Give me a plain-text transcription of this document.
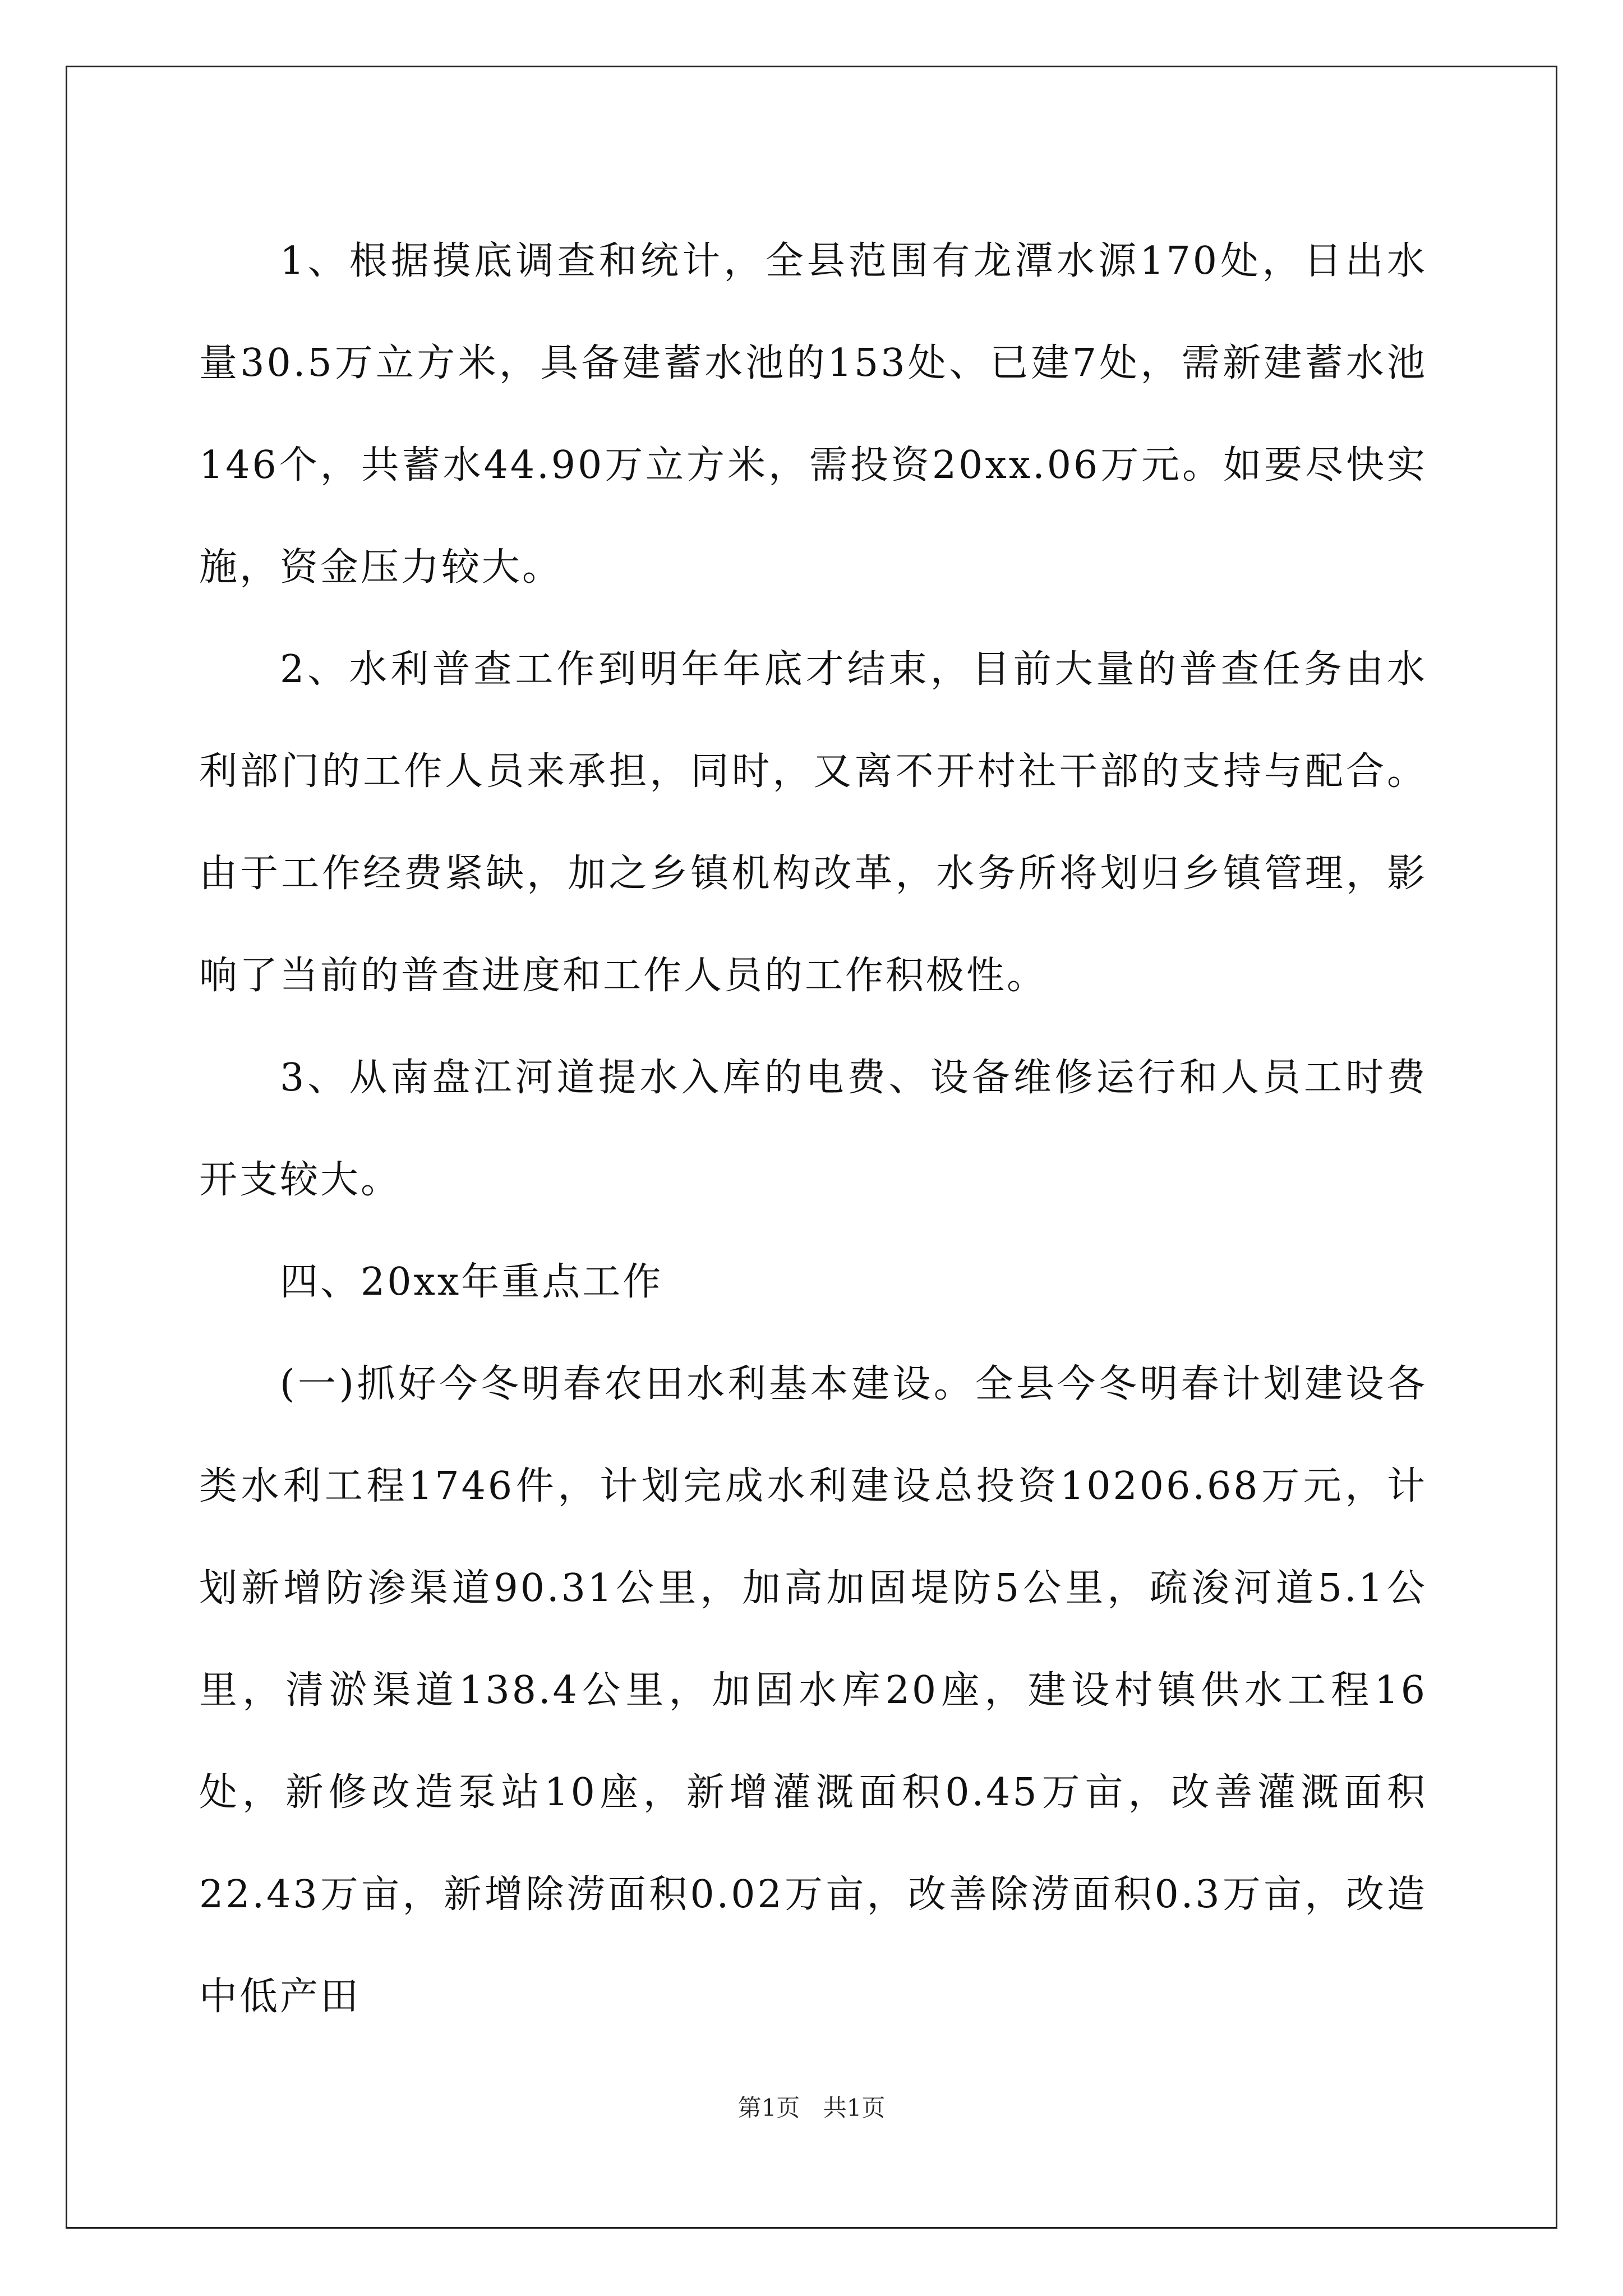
1、根据摸底调查和统计，全县范围有龙潭水源170处，日出水量30.5万立方米，具备建蓄水池的153处、已建7处，需新建蓄水池146个，共蓄水44.90万立方米，需投资20xx.06万元。如要尽快实施，资金压力较大。

2、水利普查工作到明年年底才结束，目前大量的普查任务由水利部门的工作人员来承担，同时，又离不开村社干部的支持与配合。由于工作经费紧缺，加之乡镇机构改革，水务所将划归乡镇管理，影响了当前的普查进度和工作人员的工作积极性。

3、从南盘江河道提水入库的电费、设备维修运行和人员工时费开支较大。

四、20xx年重点工作

(一)抓好今冬明春农田水利基本建设。全县今冬明春计划建设各类水利工程1746件，计划完成水利建设总投资10206.68万元，计划新增防渗渠道90.31公里，加高加固堤防5公里，疏浚河道5.1公里，清淤渠道138.4公里，加固水库20座，建设村镇供水工程16处，新修改造泵站10座，新增灌溉面积0.45万亩，改善灌溉面积22.43万亩，新增除涝面积0.02万亩，改善除涝面积0.3万亩，改造中低产田

第1页 共1页
